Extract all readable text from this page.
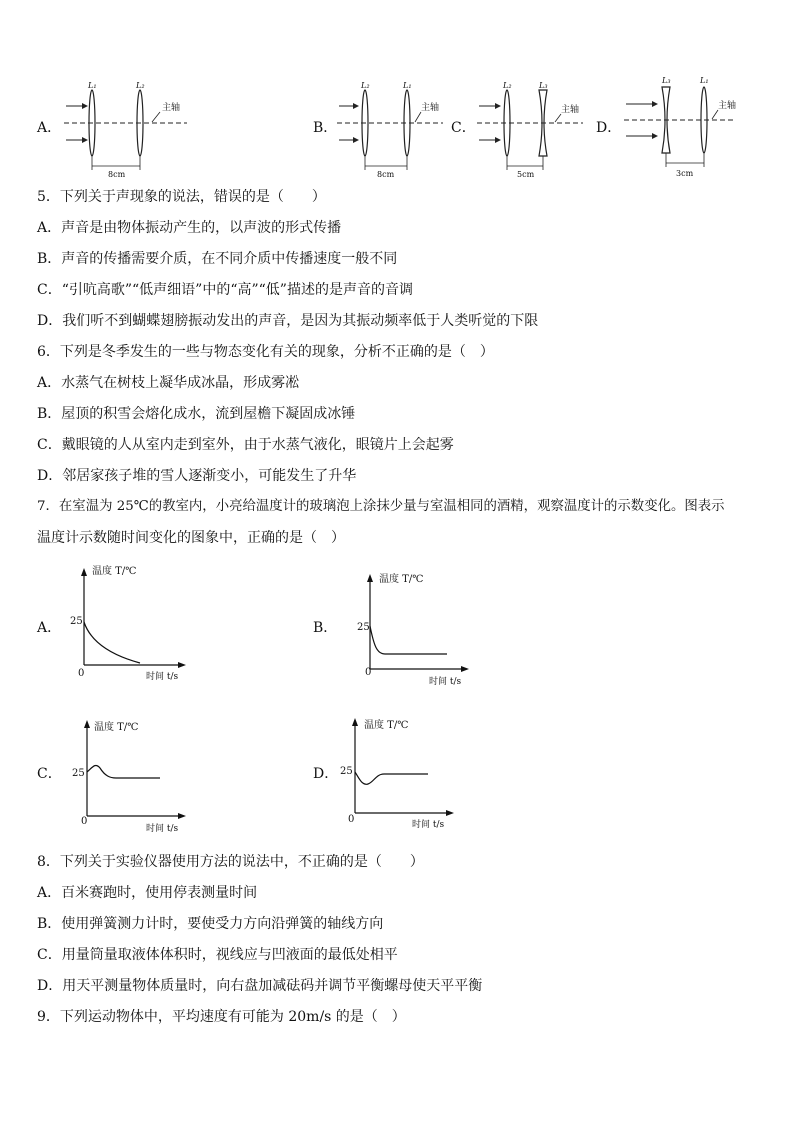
A．
L₁	L₂
主轴
8cm
B．
L₂	L₁
主轴
8cm
C．
L₂	L₃
主轴
5cm
D．
L₃	L₁
主轴
3cm
5．下列关于声现象的说法，错误的是（　　）
A．声音是由物体振动产生的，以声波的形式传播
B．声音的传播需要介质，在不同介质中传播速度一般不同
C．“引吭高歌”“低声细语”中的“高”“低”描述的是声音的音调
D．我们听不到蝴蝶翅膀振动发出的声音，是因为其振动频率低于人类听觉的下限
6．下列是冬季发生的一些与物态变化有关的现象，分析不正确的是（　）
A．水蒸气在树枝上凝华成冰晶，形成雾凇
B．屋顶的积雪会熔化成水，流到屋檐下凝固成冰锤
C．戴眼镜的人从室内走到室外，由于水蒸气液化，眼镜片上会起雾
D．邻居家孩子堆的雪人逐渐变小，可能发生了升华
7．在室温为 25℃的教室内，小亮给温度计的玻璃泡上涂抹少量与室温相同的酒精，观察温度计的示数变化。图表示
温度计示数随时间变化的图象中，正确的是（　）
A．
温度 T/℃
25
0	时间 t/s
B．
温度 T/℃
25
0
时间 t/s
C．
温度 T/℃
25
0
时间 t/s
D．
温度 T/℃
25
0	时间 t/s
8．下列关于实验仪器使用方法的说法中，不正确的是（　　）
A．百米赛跑时，使用停表测量时间
B．使用弹簧测力计时，要使受力方向沿弹簧的轴线方向
C．用量筒量取液体体积时，视线应与凹液面的最低处相平
D．用天平测量物体质量时，向右盘加减砝码并调节平衡螺母使天平平衡
9．下列运动物体中，平均速度有可能为 20m/s 的是（　）
